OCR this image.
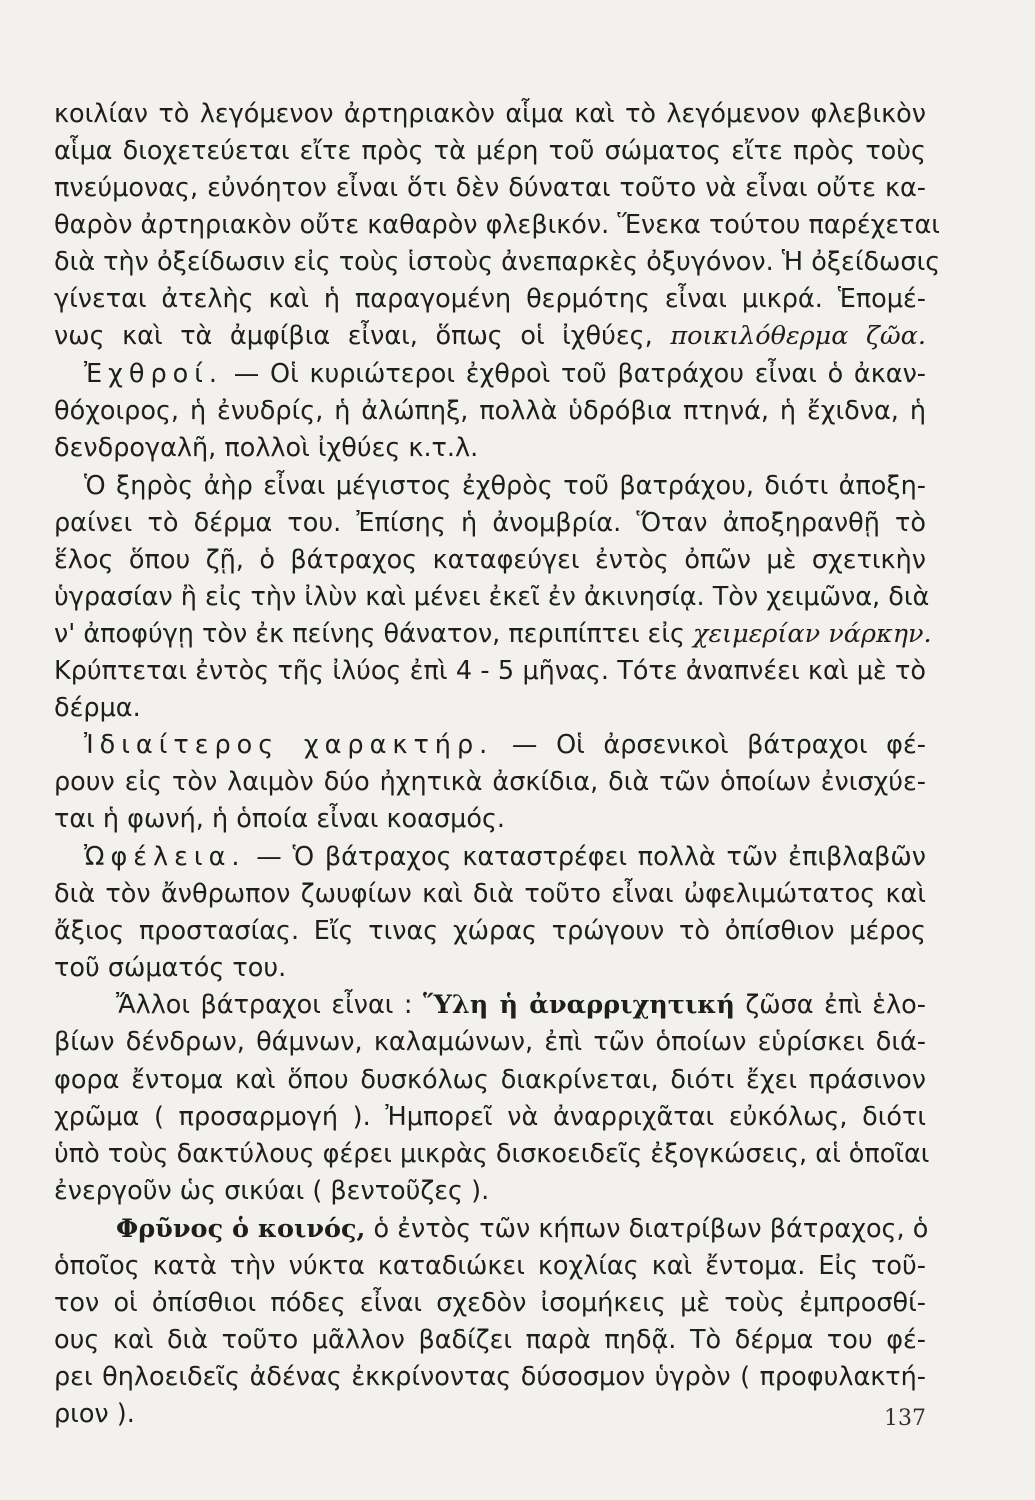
κοιλίαν τὸ λεγόμενον ἀρτηριακὸν αἷμα καὶ τὸ λεγόμενον φλεβικὸν
αἷμα διοχετεύεται εἴτε πρὸς τὰ μέρη τοῦ σώματος εἴτε πρὸς τοὺς
πνεύμονας, εὐνόητον εἶναι ὅτι δὲν δύναται τοῦτο νὰ εἶναι οὔτε κα-
θαρὸν ἀρτηριακὸν οὔτε καθαρὸν φλεβικόν. Ἕνεκα τούτου παρέχεται
διὰ τὴν ὀξείδωσιν εἰς τοὺς ἱστοὺς ἀνεπαρκὲς ὀξυγόνον. Ἡ ὀξείδωσις
γίνεται ἀτελὴς καὶ ἡ παραγομένη θερμότης εἶναι μικρά. Ἑπομέ-
νως καὶ τὰ ἀμφίβια εἶναι, ὅπως οἱ ἰχθύες, ποικιλόθερμα ζῶα.
Ἐχθροί. — Οἱ κυριώτεροι ἐχθροὶ τοῦ βατράχου εἶναι ὁ ἀκαν-
θόχοιρος, ἡ ἐνυδρίς, ἡ ἀλώπηξ, πολλὰ ὑδρόβια πτηνά, ἡ ἔχιδνα, ἡ
δενδρογαλῆ, πολλοὶ ἰχθύες κ.τ.λ.
Ὁ ξηρὸς ἀὴρ εἶναι μέγιστος ἐχθρὸς τοῦ βατράχου, διότι ἀποξη-
ραίνει τὸ δέρμα του. Ἐπίσης ἡ ἀνομβρία. Ὅταν ἀποξηρανθῇ τὸ
ἕλος ὅπου ζῇ, ὁ βάτραχος καταφεύγει ἐντὸς ὀπῶν μὲ σχετικὴν
ὑγρασίαν ἢ εἰς τὴν ἰλὺν καὶ μένει ἐκεῖ ἐν ἀκινησίᾳ. Τὸν χειμῶνα, διὰ
ν' ἀποφύγῃ τὸν ἐκ πείνης θάνατον, περιπίπτει εἰς χειμερίαν νάρκην.
Κρύπτεται ἐντὸς τῆς ἰλύος ἐπὶ 4 - 5 μῆνας. Τότε ἀναπνέει καὶ μὲ τὸ
δέρμα.
Ἰδιαίτερος χαρακτήρ. — Οἱ ἀρσενικοὶ βάτραχοι φέ-
ρουν εἰς τὸν λαιμὸν δύο ἠχητικὰ ἀσκίδια, διὰ τῶν ὁποίων ἐνισχύε-
ται ἡ φωνή, ἡ ὁποία εἶναι κοασμός.
Ὠφέλεια. — Ὁ βάτραχος καταστρέφει πολλὰ τῶν ἐπιβλαβῶν
διὰ τὸν ἄνθρωπον ζωυφίων καὶ διὰ τοῦτο εἶναι ὠφελιμώτατος καὶ
ἄξιος προστασίας. Εἴς τινας χώρας τρώγουν τὸ ὀπίσθιον μέρος
τοῦ σώματός του.
Ἄλλοι βάτραχοι εἶναι : Ὕλη ἡ ἀναρριχητική ζῶσα ἐπὶ ἑλο-
βίων δένδρων, θάμνων, καλαμώνων, ἐπὶ τῶν ὁποίων εὑρίσκει διά-
φορα ἔντομα καὶ ὅπου δυσκόλως διακρίνεται, διότι ἔχει πράσινον
χρῶμα ( προσαρμογή ). Ἠμπορεῖ νὰ ἀναρριχᾶται εὐκόλως, διότι
ὑπὸ τοὺς δακτύλους φέρει μικρὰς δισκοειδεῖς ἐξογκώσεις, αἱ ὁποῖαι
ἐνεργοῦν ὡς σικύαι ( βεντοῦζες ).
Φρῦνος ὁ κοινός, ὁ ἐντὸς τῶν κήπων διατρίβων βάτραχος, ὁ
ὁποῖος κατὰ τὴν νύκτα καταδιώκει κοχλίας καὶ ἔντομα. Εἰς τοῦ-
τον οἱ ὀπίσθιοι πόδες εἶναι σχεδὸν ἰσομήκεις μὲ τοὺς ἐμπροσθί-
ους καὶ διὰ τοῦτο μᾶλλον βαδίζει παρὰ πηδᾷ. Τὸ δέρμα του φέ-
ρει θηλοειδεῖς ἀδένας ἐκκρίνοντας δύσοσμον ὑγρὸν ( προφυλακτή-
ριον ).	137
